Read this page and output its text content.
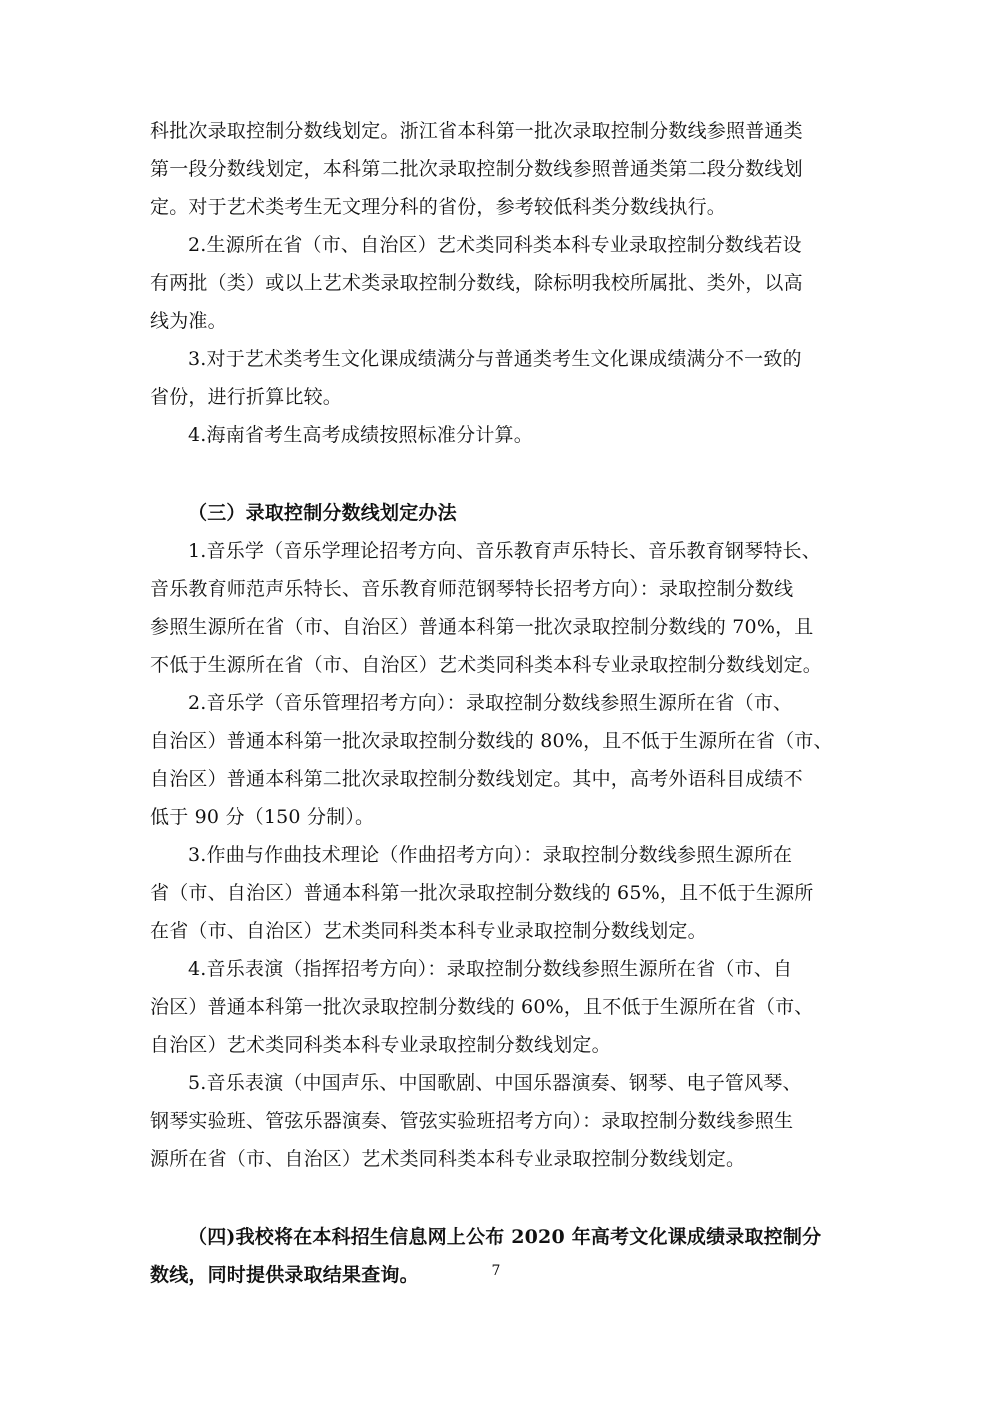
科批次录取控制分数线划定。浙江省本科第一批次录取控制分数线参照普通类
第一段分数线划定，本科第二批次录取控制分数线参照普通类第二段分数线划
定。对于艺术类考生无文理分科的省份，参考较低科类分数线执行。
2.生源所在省（市、自治区）艺术类同科类本科专业录取控制分数线若设
有两批（类）或以上艺术类录取控制分数线，除标明我校所属批、类外，以高
线为准。
3.对于艺术类考生文化课成绩满分与普通类考生文化课成绩满分不一致的
省份，进行折算比较。
4.海南省考生高考成绩按照标准分计算。
（三）录取控制分数线划定办法
1.音乐学（音乐学理论招考方向、音乐教育声乐特长、音乐教育钢琴特长、
音乐教育师范声乐特长、音乐教育师范钢琴特长招考方向）：录取控制分数线
参照生源所在省（市、自治区）普通本科第一批次录取控制分数线的 70%，且
不低于生源所在省（市、自治区）艺术类同科类本科专业录取控制分数线划定。
2.音乐学（音乐管理招考方向）：录取控制分数线参照生源所在省（市、
自治区）普通本科第一批次录取控制分数线的 80%，且不低于生源所在省（市、
自治区）普通本科第二批次录取控制分数线划定。其中，高考外语科目成绩不
低于 90 分（150 分制）。
3.作曲与作曲技术理论（作曲招考方向）：录取控制分数线参照生源所在
省（市、自治区）普通本科第一批次录取控制分数线的 65%，且不低于生源所
在省（市、自治区）艺术类同科类本科专业录取控制分数线划定。
4.音乐表演（指挥招考方向）：录取控制分数线参照生源所在省（市、自
治区）普通本科第一批次录取控制分数线的 60%，且不低于生源所在省（市、
自治区）艺术类同科类本科专业录取控制分数线划定。
5.音乐表演（中国声乐、中国歌剧、中国乐器演奏、钢琴、电子管风琴、
钢琴实验班、管弦乐器演奏、管弦实验班招考方向）：录取控制分数线参照生
源所在省（市、自治区）艺术类同科类本科专业录取控制分数线划定。
（四)我校将在本科招生信息网上公布 2020 年高考文化课成绩录取控制分
数线，同时提供录取结果查询。	7
